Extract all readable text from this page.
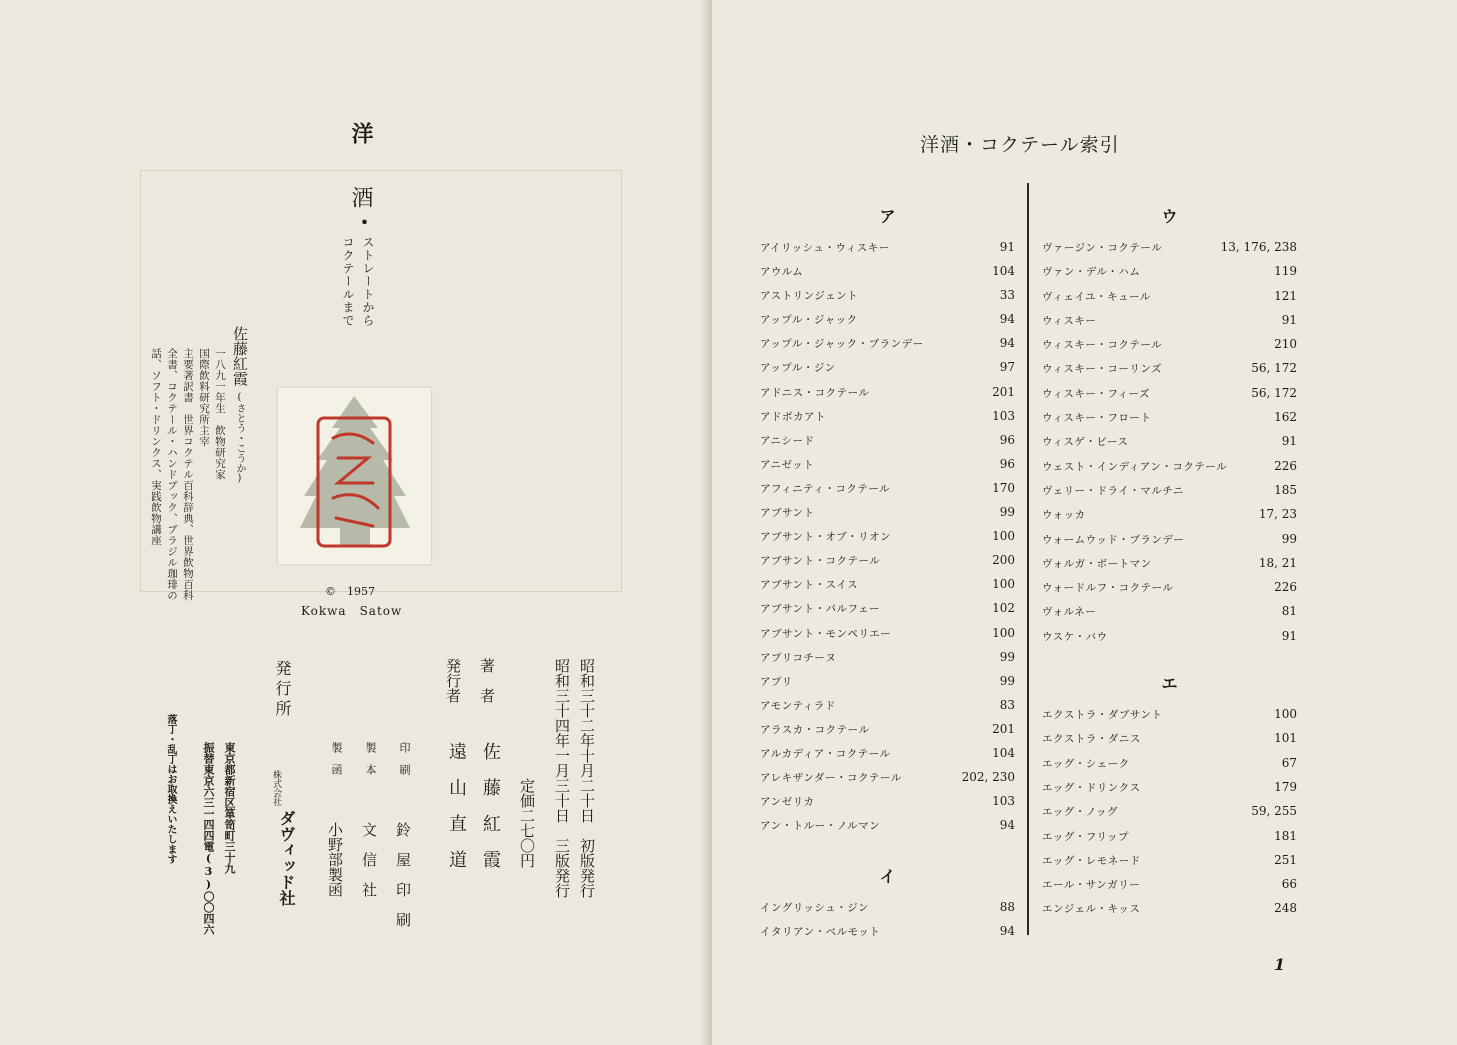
洋
酒
・
ストレートから
コクテールまで
佐藤紅霞
(さとう・こうか)
一八九一年生　飲物研究家
国際飲料研究所主宰
主要著訳書　世界コクテル百科辞典、世界飲物百科
全書、コクテール・ハンドブック、ブラジル珈琲の
話、ソフト・ドリンクス、実践飲物講座
©　1957
Kokwa　Satow
昭和三十二年十月二十日　初版発行
昭和三十四年一月三十日　三版発行
定価二七〇円
著　者
佐　藤　紅　霞
発行者
遠　山　直　道
印　刷
鈴　屋　印　刷
製　本
文　信　社
製　函
小野部製函
発行所
株式会社
ダヴィッド社
東京都新宿区箪笥町三十九
振替東京六三一四四電(3)〇〇四六
落丁・乱丁はお取換えいたします
洋酒・コクテール索引
ア
アイリッシュ・ウィスキー	91
アウルム	104
アストリンジェント	33
アップル・ジャック	94
アップル・ジャック・ブランデー	94
アップル・ジン	97
アドニス・コクテール	201
アドボカアト	103
アニシード	96
アニゼット	96
アフィニティ・コクテール	170
アブサント	99
アブサント・オブ・リオン	100
アブサント・コクテール	200
アブサント・スイス	100
アブサント・パルフェー	102
アブサント・モンペリエー	100
アプリコチーヌ	99
アプリ	99
アモンティラド	83
アラスカ・コクテール	201
アルカディア・コクテール	104
アレキザンダー・コクテール	202, 230
アンゼリカ	103
アン・トルー・ノルマン	94
イ
イングリッシュ・ジン	88
イタリアン・ベルモット	94
ウ
ヴァージン・コクテール	13, 176, 238
ヴァン・デル・ハム	119
ヴィェイユ・キュール	121
ウィスキー	91
ウィスキー・コクテール	210
ウィスキー・コーリンズ	56, 172
ウィスキー・フィーズ	56, 172
ウィスキー・フロート	162
ウィスゲ・ビース	91
ウェスト・インディアン・コクテール	226
ヴェリー・ドライ・マルチニ	185
ウォッカ	17, 23
ウォームウッド・ブランデー	99
ヴォルガ・ボートマン	18, 21
ウォードルフ・コクテール	226
ヴォルネー	81
ウスケ・バウ	91
エ
エクストラ・ダブサント	100
エクストラ・ダニス	101
エッグ・シェーク	67
エッグ・ドリンクス	179
エッグ・ノッグ	59, 255
エッグ・フリップ	181
エッグ・レモネード	251
エール・サンガリー	66
エンジェル・キッス	248
1
